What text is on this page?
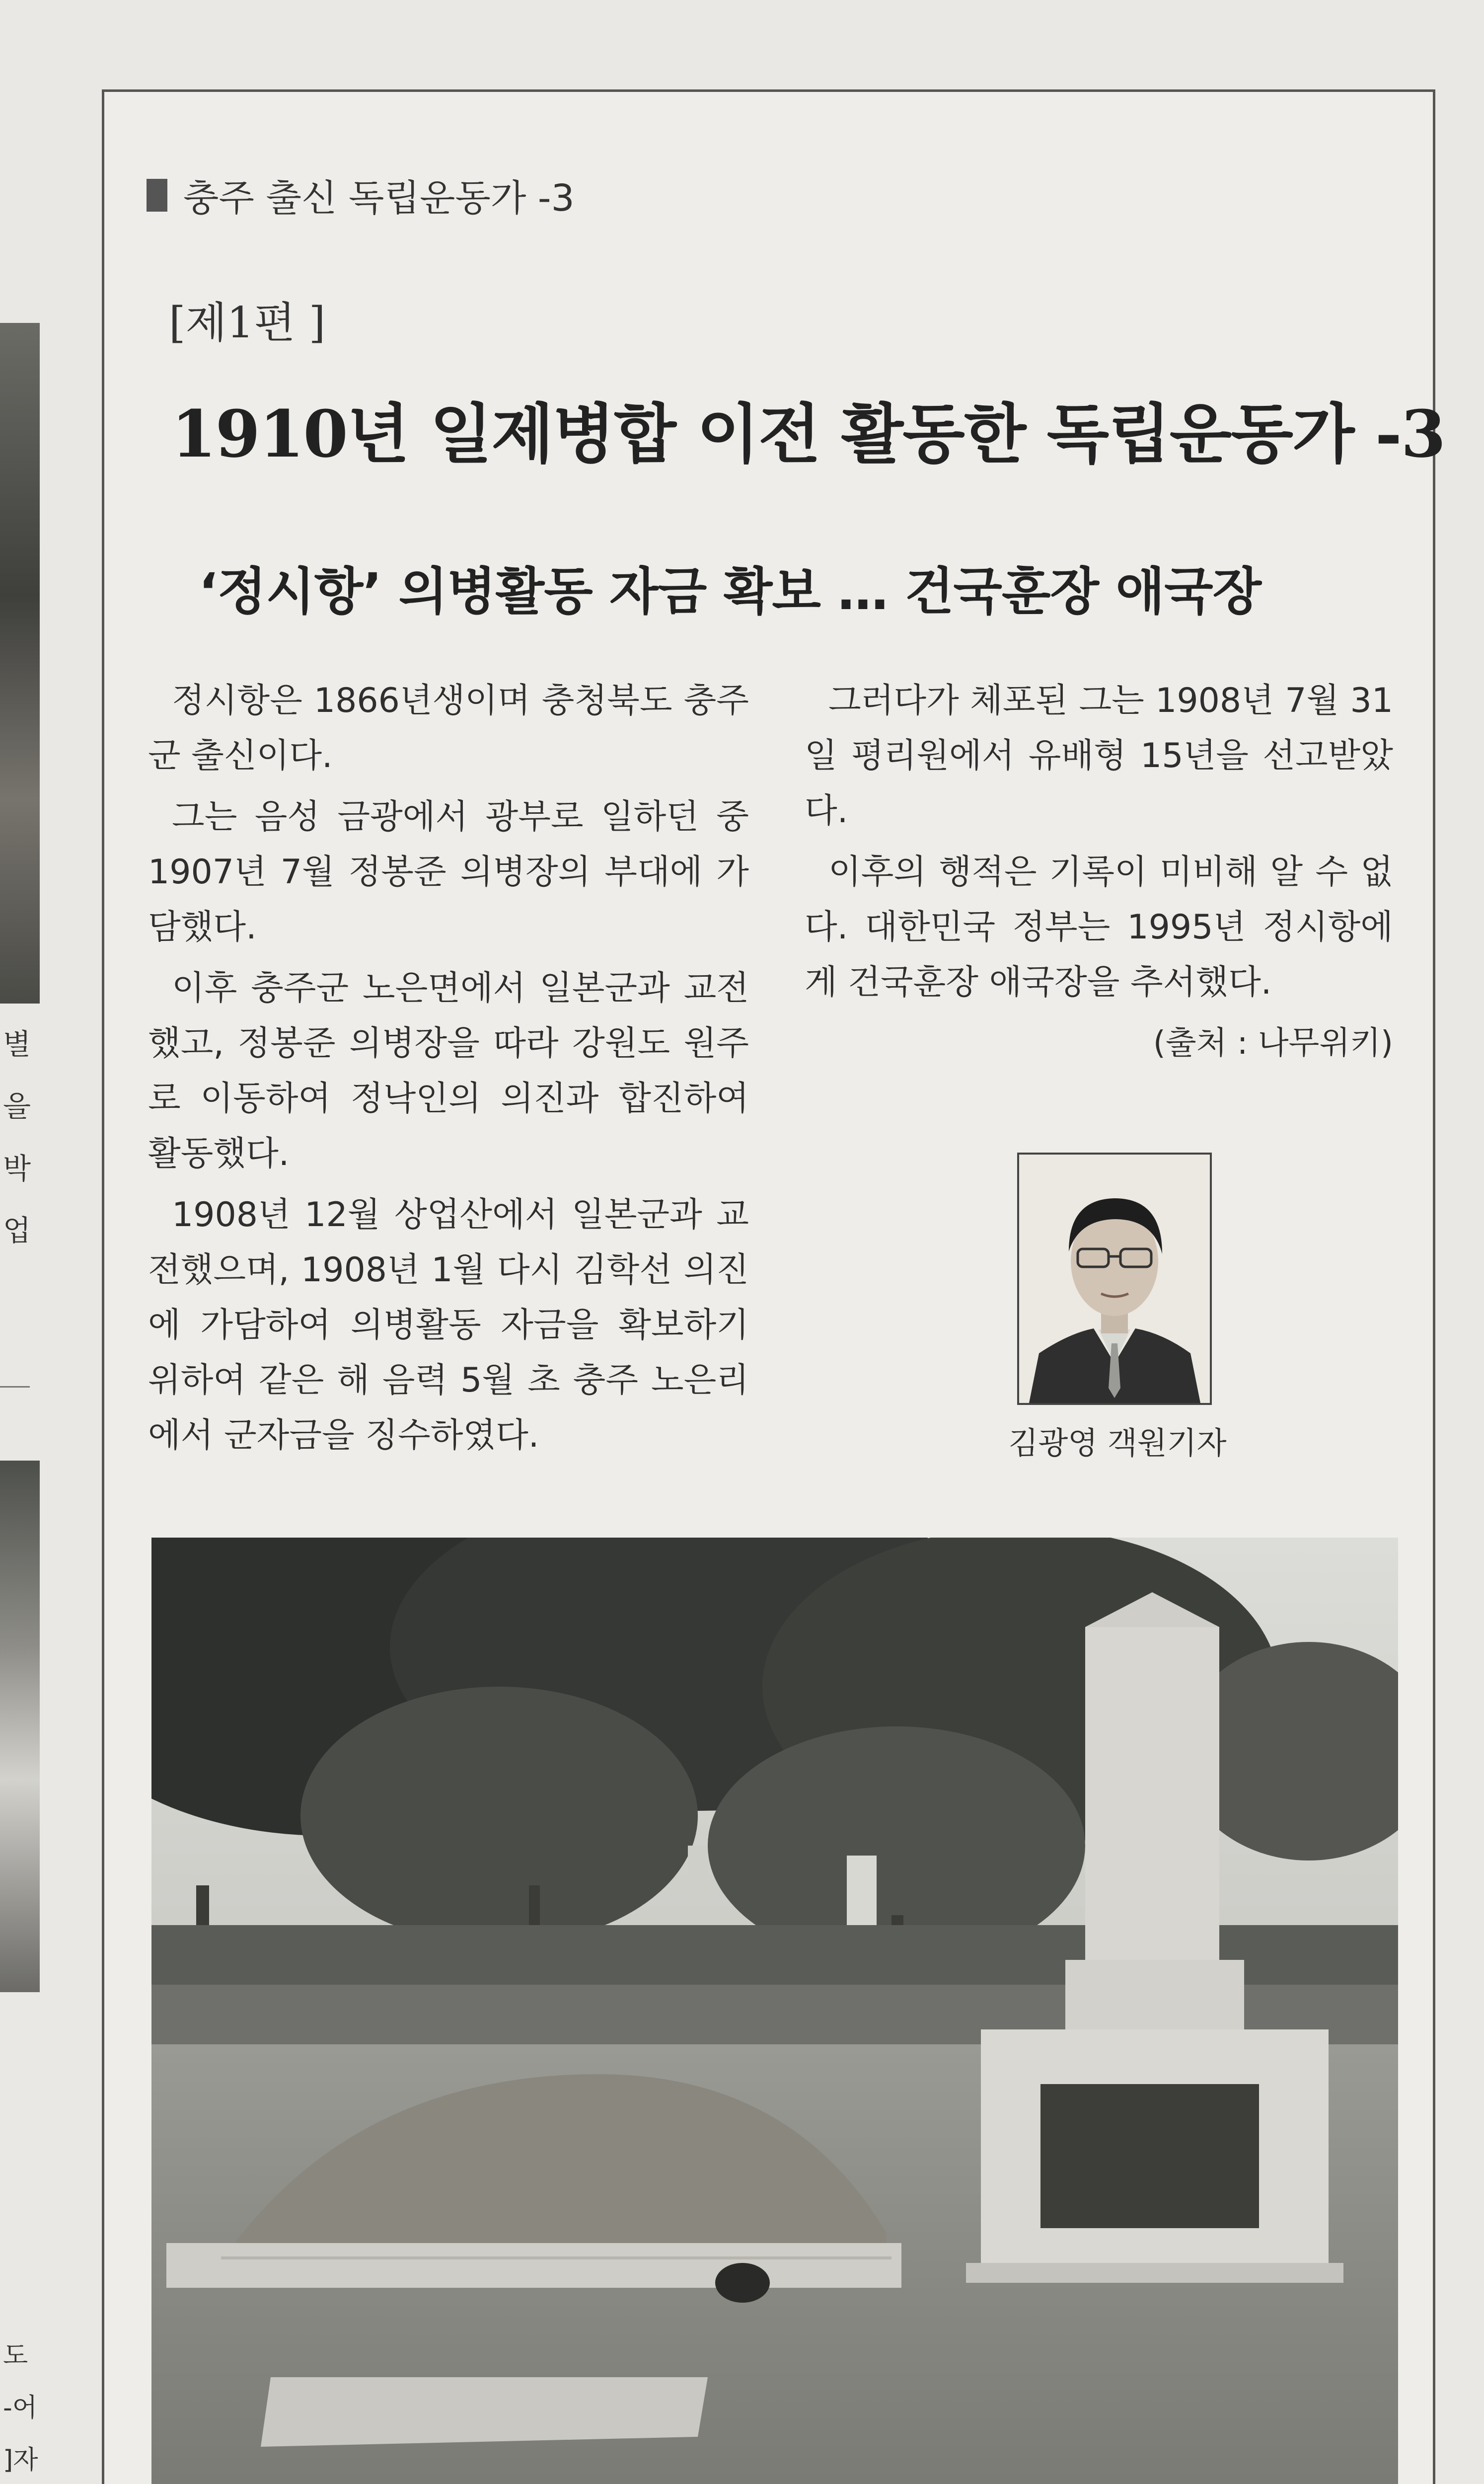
별
을
박
업
도
-어
]자

충주 출신 독립운동가 -3
[제1편 ]
1910년 일제병합 이전 활동한 독립운동가 -3
‘정시항’ 의병활동 자금 확보 … 건국훈장 애국장

정시항은 1866년생이며 충청북도 충주군 출신이다.

그는 음성 금광에서 광부로 일하던 중 1907년 7월 정봉준 의병장의 부대에 가담했다.

이후 충주군 노은면에서 일본군과 교전했고, 정봉준 의병장을 따라 강원도 원주로 이동하여 정낙인의 의진과 합진하여 활동했다.

1908년 12월 상업산에서 일본군과 교전했으며, 1908년 1월 다시 김학선 의진에 가담하여 의병활동 자금을 확보하기 위하여 같은 해 음력 5월 초 충주 노은리에서 군자금을 징수하였다.

그러다가 체포된 그는 1908년 7월 31일 평리원에서 유배형 15년을 선고받았다.

이후의 행적은 기록이 미비해 알 수 없다. 대한민국 정부는 1995년 정시항에게 건국훈장 애국장을 추서했다.

(출처 : 나무위키)
김광영 객원기자
